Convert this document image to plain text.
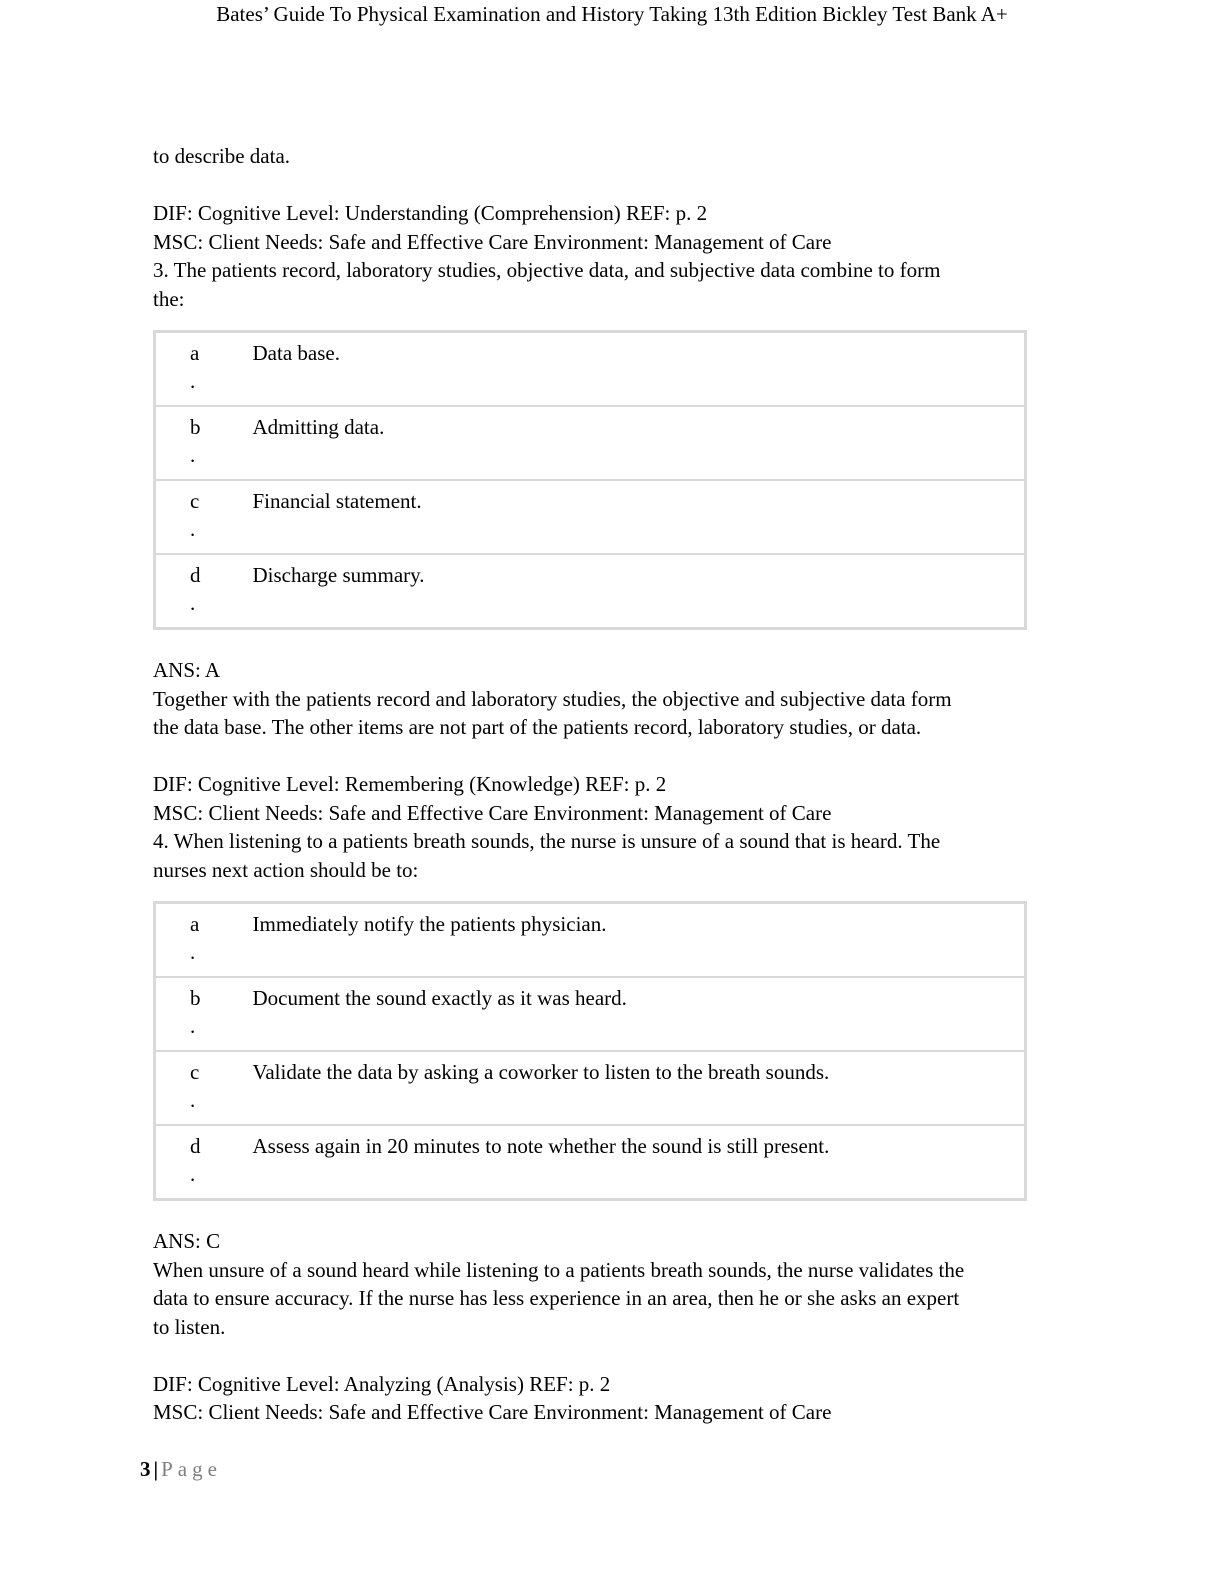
Bates’ Guide To Physical Examination and History Taking 13th Edition Bickley Test Bank A+

to describe data.

DIF: Cognitive Level: Understanding (Comprehension) REF: p. 2

MSC: Client Needs: Safe and Effective Care Environment: Management of Care

3. The patients record, laboratory studies, objective data, and subjective data combine to form

the:

a
.	Data base.

b
.	Admitting data.

c
.	Financial statement.

d
.	Discharge summary.

ANS: A

Together with the patients record and laboratory studies, the objective and subjective data form

the data base. The other items are not part of the patients record, laboratory studies, or data.

DIF: Cognitive Level: Remembering (Knowledge) REF: p. 2

MSC: Client Needs: Safe and Effective Care Environment: Management of Care

4. When listening to a patients breath sounds, the nurse is unsure of a sound that is heard. The

nurses next action should be to:

a
.	Immediately notify the patients physician.

b
.	Document the sound exactly as it was heard.

c
.	Validate the data by asking a coworker to listen to the breath sounds.

d
.	Assess again in 20 minutes to note whether the sound is still present.

ANS: C

When unsure of a sound heard while listening to a patients breath sounds, the nurse validates the

data to ensure accuracy. If the nurse has less experience in an area, then he or she asks an expert

to listen.

DIF: Cognitive Level: Analyzing (Analysis) REF: p. 2

MSC: Client Needs: Safe and Effective Care Environment: Management of Care

3 | Page
